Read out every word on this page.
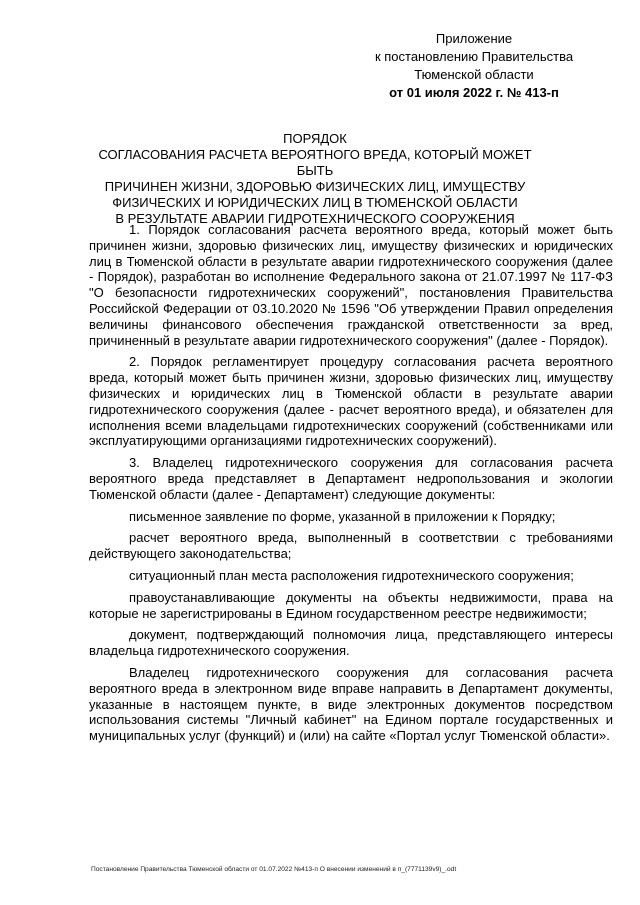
Приложение
к постановлению Правительства
Тюменской области
от 01 июля 2022 г. № 413-п
ПОРЯДОК
СОГЛАСОВАНИЯ РАСЧЕТА ВЕРОЯТНОГО ВРЕДА, КОТОРЫЙ МОЖЕТ БЫТЬ
ПРИЧИНЕН ЖИЗНИ, ЗДОРОВЬЮ ФИЗИЧЕСКИХ ЛИЦ, ИМУЩЕСТВУ
ФИЗИЧЕСКИХ И ЮРИДИЧЕСКИХ ЛИЦ В ТЮМЕНСКОЙ ОБЛАСТИ
В РЕЗУЛЬТАТЕ АВАРИИ ГИДРОТЕХНИЧЕСКОГО СООРУЖЕНИЯ

1. Порядок согласования расчета вероятного вреда, который может быть причинен жизни, здоровью физических лиц, имуществу физических и юридических лиц в Тюменской области в результате аварии гидротехнического сооружения (далее - Порядок), разработан во исполнение Федерального закона от 21.07.1997 № 117-ФЗ "О безопасности гидротехнических сооружений", постановления Правительства Российской Федерации от 03.10.2020 № 1596 "Об утверждении Правил определения величины финансового обеспечения гражданской ответственности за вред, причиненный в результате аварии гидротехнического сооружения" (далее - Порядок).

2. Порядок регламентирует процедуру согласования расчета вероятного вреда, который может быть причинен жизни, здоровью физических лиц, имуществу физических и юридических лиц в Тюменской области в результате аварии гидротехнического сооружения (далее - расчет вероятного вреда), и обязателен для исполнения всеми владельцами гидротехнических сооружений (собственниками или эксплуатирующими организациями гидротехнических сооружений).

3. Владелец гидротехнического сооружения для согласования расчета вероятного вреда представляет в Департамент недропользования и экологии Тюменской области (далее - Департамент) следующие документы:

письменное заявление по форме, указанной в приложении к Порядку;

расчет вероятного вреда, выполненный в соответствии с требованиями действующего законодательства;

ситуационный план места расположения гидротехнического сооружения;

правоустанавливающие документы на объекты недвижимости, права на которые не зарегистрированы в Едином государственном реестре недвижимости;

документ, подтверждающий полномочия лица, представляющего интересы владельца гидротехнического сооружения.

Владелец гидротехнического сооружения для согласования расчета вероятного вреда в электронном виде вправе направить в Департамент документы, указанные в настоящем пункте, в виде электронных документов посредством использования системы "Личный кабинет" на Едином портале государственных и муниципальных услуг (функций) и (или) на сайте «Портал услуг Тюменской области».

Постановление Правительства Тюменской области от 01.07.2022 №413-п О внесении изменений в п_(7771139v9)_.odt
